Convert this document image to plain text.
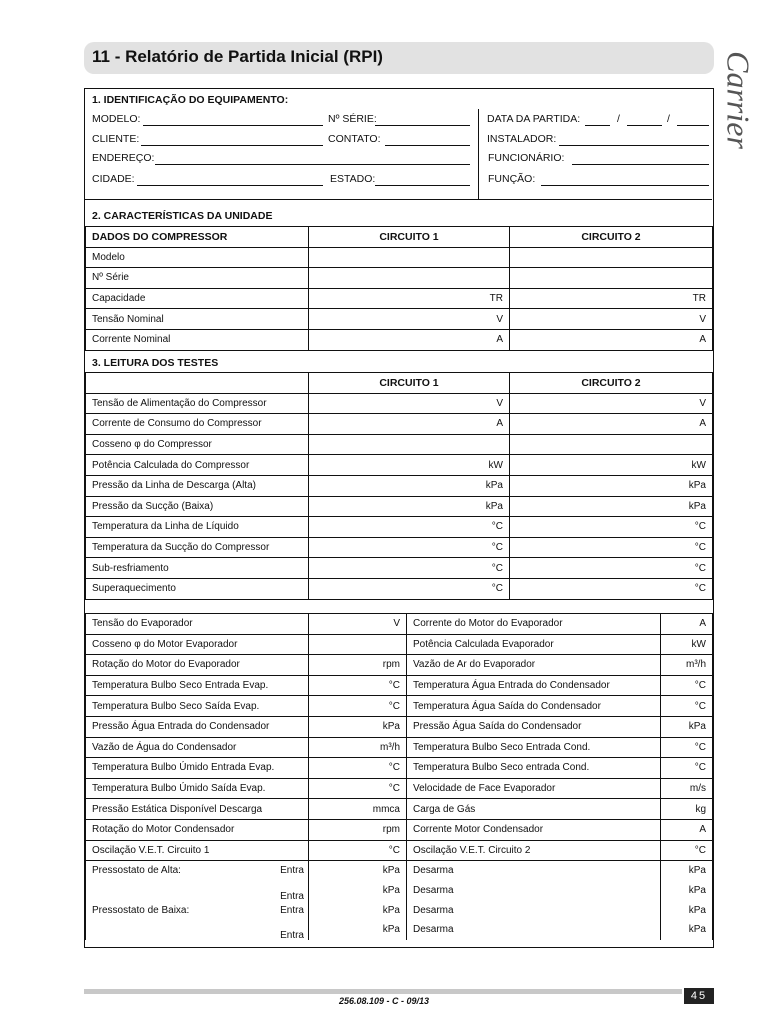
11 - Relatório de Partida Inicial (RPI)	Carrier
1. IDENTIFICAÇÃO DO EQUIPAMENTO:
MODELO:	Nº SÉRIE:	DATA DA PARTIDA:	/	/
CLIENTE:	CONTATO:	INSTALADOR:
ENDEREÇO:	FUNCIONÁRIO:
CIDADE:	ESTADO:	FUNÇÃO:
2. CARACTERÍSTICAS DA UNIDADE
DADOS DO COMPRESSOR	CIRCUITO 1	CIRCUITO 2
Modelo		
Nº Série		
Capacidade	TR	TR
Tensão Nominal	V	V
Corrente Nominal	A	A
3. LEITURA DOS TESTES
	CIRCUITO 1	CIRCUITO 2
Tensão de Alimentação do Compressor	V	V
Corrente de Consumo do Compressor	A	A
Cosseno φ do Compressor		
Potência Calculada do Compressor	kW	kW
Pressão da Linha de Descarga (Alta)	kPa	kPa
Pressão da Sucção (Baixa)	kPa	kPa
Temperatura da Linha de Líquido	°C	°C
Temperatura da Sucção do Compressor	°C	°C
Sub-resfriamento	°C	°C
Superaquecimento	°C	°C
Tensão do Evaporador	V	Corrente do Motor do Evaporador	A
Cosseno φ do Motor Evaporador		Potência Calculada Evaporador	kW
Rotação do Motor do Evaporador	rpm	Vazão de Ar do Evaporador	m³/h
Temperatura Bulbo Seco Entrada Evap.	°C	Temperatura Água Entrada do Condensador	°C
Temperatura Bulbo Seco Saída Evap.	°C	Temperatura Água Saída do Condensador	°C
Pressão Água Entrada do Condensador	kPa	Pressão Água Saída do Condensador	kPa
Vazão de Água do Condensador	m³/h	Temperatura Bulbo Seco Entrada Cond.	°C
Temperatura Bulbo Úmido Entrada Evap.	°C	Temperatura Bulbo Seco entrada Cond.	°C
Temperatura Bulbo Úmido Saída Evap.	°C	Velocidade de Face Evaporador	m/s
Pressão Estática Disponível Descarga	mmca	Carga de Gás	kg
Rotação do Motor Condensador	rpm	Corrente Motor Condensador	A
Oscilação V.E.T. Circuito 1	°C	Oscilação V.E.T. Circuito 2	°C
Pressostato de Alta: Entra	kPa	Desarma	kPa

Entra	kPa	Desarma	kPa
Pressostato de Baixa: Entra	kPa	Desarma	kPa

Entra	kPa	Desarma	kPa
45
256.08.109 - C - 09/13
